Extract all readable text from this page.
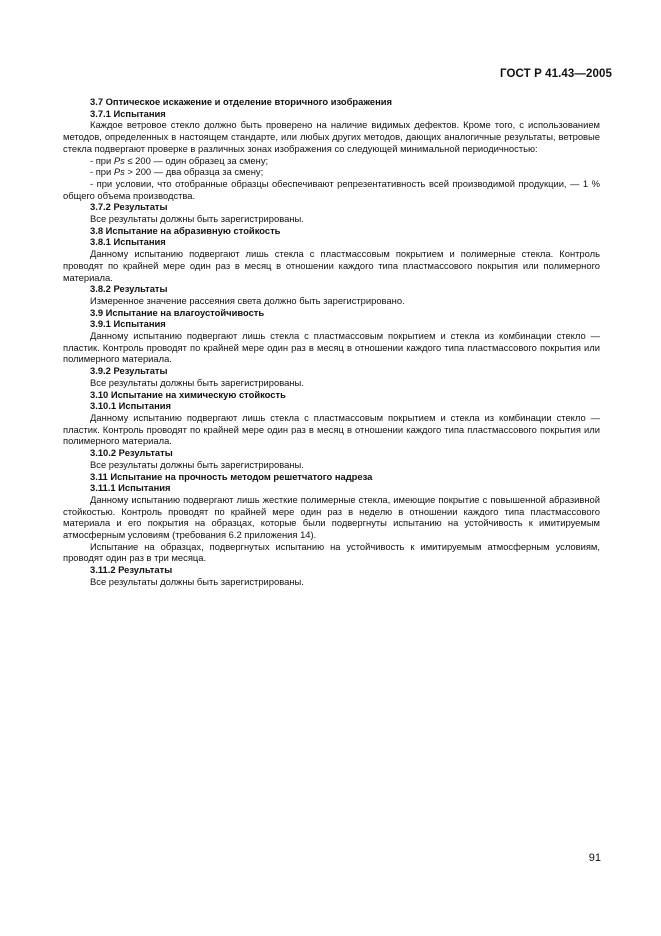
ГОСТ Р 41.43—2005

3.7 Оптическое искажение и отделение вторичного изображения

3.7.1 Испытания

Каждое ветровое стекло должно быть проверено на наличие видимых дефектов. Кроме того, с использованием методов, определенных в настоящем стандарте, или любых других методов, дающих аналогичные результаты, ветровые стекла подвергают проверке в различных зонах изображения со следующей минимальной периодичностью:

- при Ps ≤ 200 — один образец за смену;

- при Ps > 200 — два образца за смену;

- при условии, что отобранные образцы обеспечивают репрезентативность всей производимой продукции, — 1 % общего объема производства.

3.7.2 Результаты

Все результаты должны быть зарегистрированы.

3.8 Испытание на абразивную стойкость

3.8.1 Испытания

Данному испытанию подвергают лишь стекла с пластмассовым покрытием и полимерные стекла. Контроль проводят по крайней мере один раз в месяц в отношении каждого типа пластмассового покрытия или полимерного материала.

3.8.2 Результаты

Измеренное значение рассеяния света должно быть зарегистрировано.

3.9 Испытание на влагоустойчивость

3.9.1 Испытания

Данному испытанию подвергают лишь стекла с пластмассовым покрытием и стекла из комбинации стекло — пластик. Контроль проводят по крайней мере один раз в месяц в отношении каждого типа пластмассового покрытия или полимерного материала.

3.9.2 Результаты

Все результаты должны быть зарегистрированы.

3.10 Испытание на химическую стойкость

3.10.1 Испытания

Данному испытанию подвергают лишь стекла с пластмассовым покрытием и стекла из комбинации стекло — пластик. Контроль проводят по крайней мере один раз в месяц в отношении каждого типа пластмассового покрытия или полимерного материала.

3.10.2 Результаты

Все результаты должны быть зарегистрированы.

3.11 Испытание на прочность методом решетчатого надреза

3.11.1 Испытания

Данному испытанию подвергают лишь жесткие полимерные стекла, имеющие покрытие с повышенной абразивной стойкостью. Контроль проводят по крайней мере один раз в неделю в отношении каждого типа пластмассового материала и его покрытия на образцах, которые были подвергнуты испытанию на устойчивость к имитируемым атмосферным условиям (требования 6.2 приложения 14).

Испытание на образцах, подвергнутых испытанию на устойчивость к имитируемым атмосферным условиям, проводят один раз в три месяца.

3.11.2 Результаты

Все результаты должны быть зарегистрированы.

91
